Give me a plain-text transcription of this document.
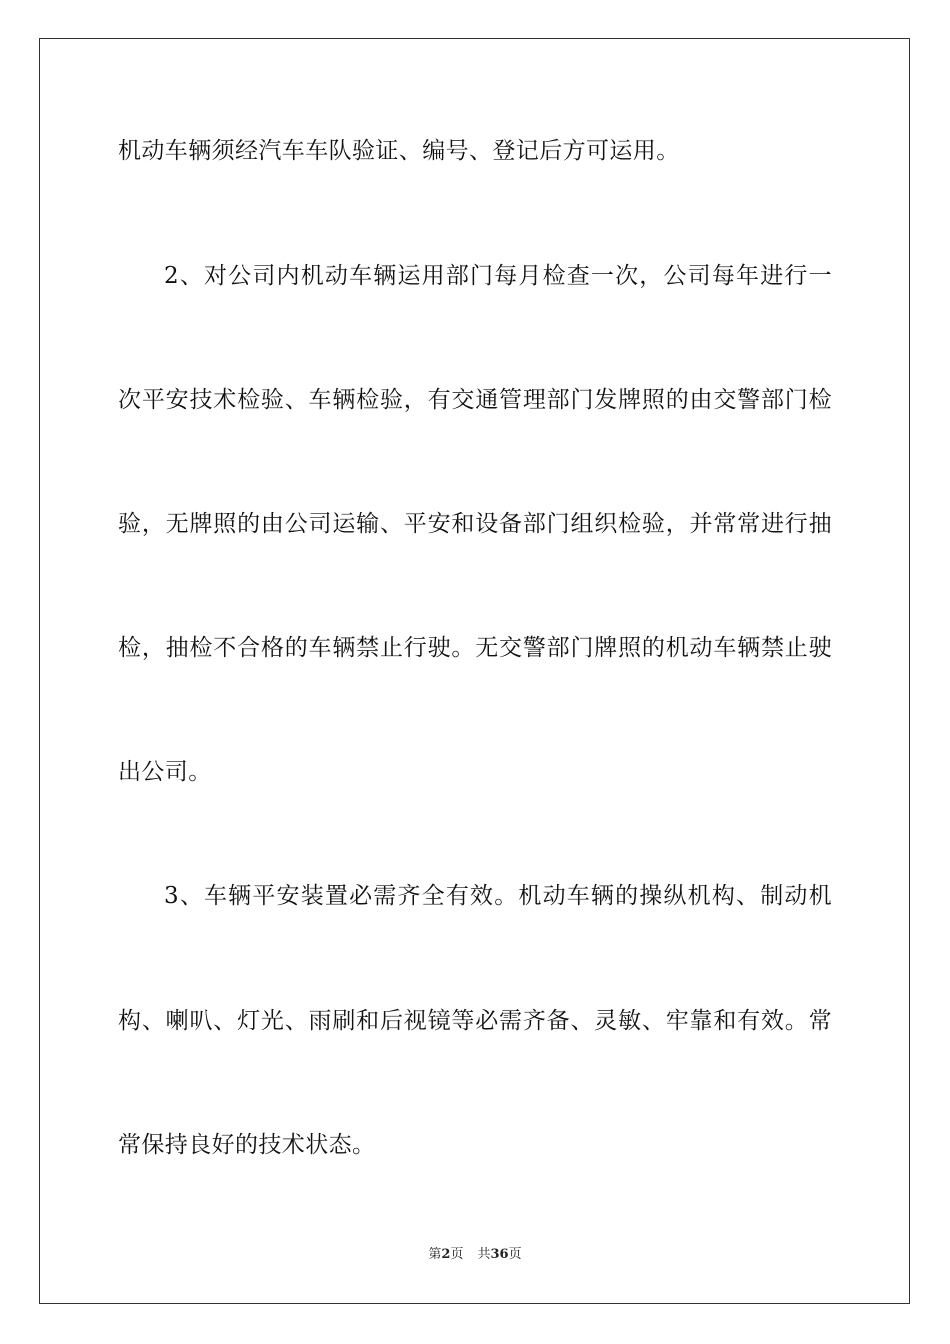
机动车辆须经汽车车队验证、编号、登记后方可运用。
2、对公司内机动车辆运用部门每月检查一次，公司每年进行一
次平安技术检验、车辆检验，有交通管理部门发牌照的由交警部门检
验，无牌照的由公司运输、平安和设备部门组织检验，并常常进行抽
检，抽检不合格的车辆禁止行驶。无交警部门牌照的机动车辆禁止驶
出公司。
3、车辆平安装置必需齐全有效。机动车辆的操纵机构、制动机
构、喇叭、灯光、雨刷和后视镜等必需齐备、灵敏、牢靠和有效。常
常保持良好的技术状态。
第2页 共36页
